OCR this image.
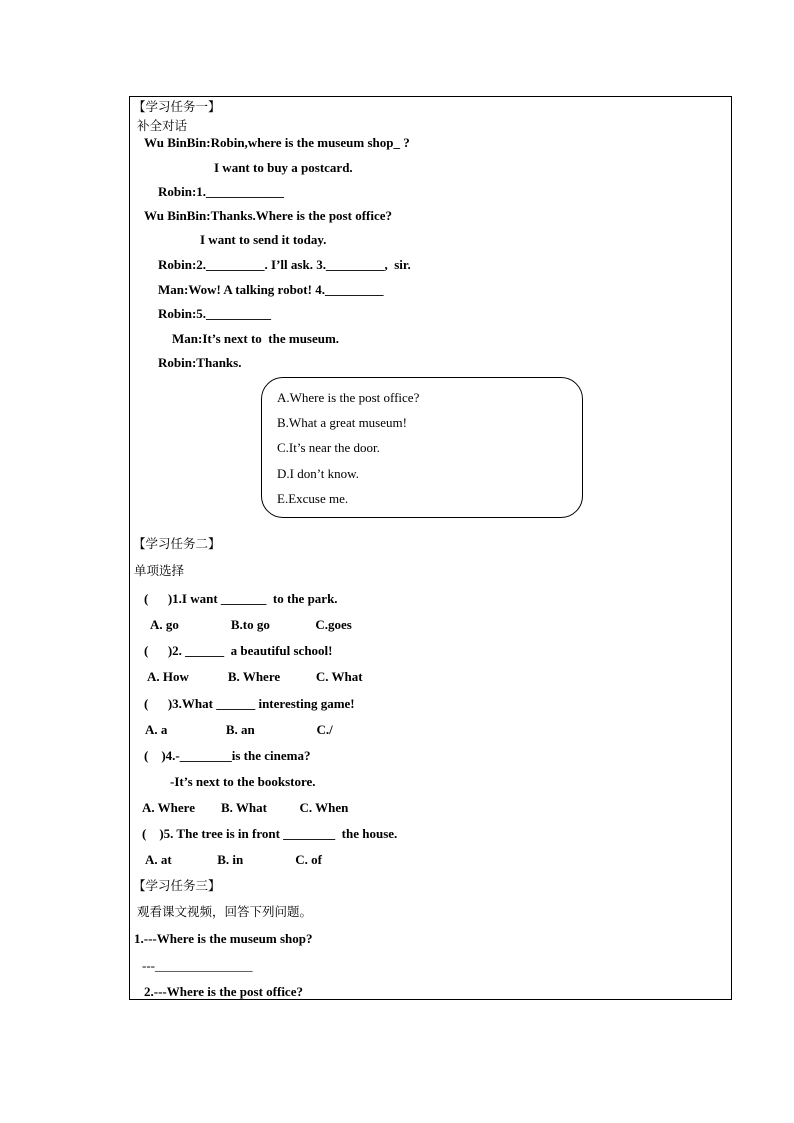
【学习任务一】
补全对话
Wu BinBin:Robin,where is the museum shop_ ?
I want to buy a postcard.
Robin:1.____________
Wu BinBin:Thanks.Where is the post office?
I want to send it today.
Robin:2._________. I’ll ask. 3._________,  sir.
Man:Wow! A talking robot! 4._________
Robin:5.__________
Man:It’s next to  the museum.
Robin:Thanks.
A.Where is the post office?
B.What a great museum!
C.It’s near the door.
D.I don’t know.
E.Excuse me.
【学习任务二】
单项选择
(      )1.I want _______  to the park.
A. go                B.to go              C.goes
(      )2. ______  a beautiful school!
A. How            B. Where           C. What
(      )3.What ______ interesting game!
A. a                  B. an                   C./
(    )4.-________is the cinema?
-It’s next to the bookstore.
A. Where        B. What          C. When
(    )5. The tree is in front ________  the house.
A. at              B. in                C. of
【学习任务三】
观看课文视频，回答下列问题。
1.---Where is the museum shop?
---_______________
2.---Where is the post office?
